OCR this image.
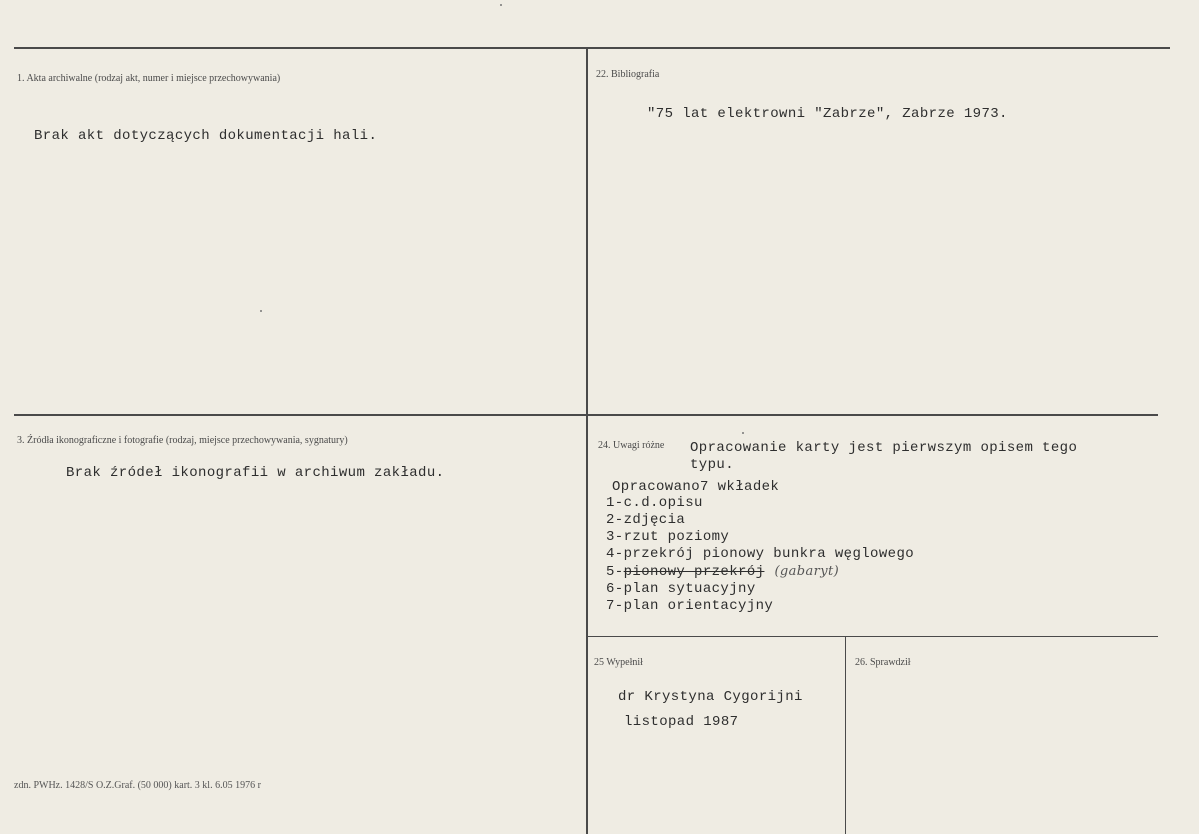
1. Akta archiwalne (rodzaj akt, numer i miejsce przechowywania)
Brak akt dotyczących dokumentacji hali.
22. Bibliografia
"75 lat elektrowni "Zabrze", Zabrze 1973.
3. Źródła ikonograficzne i fotografie (rodzaj, miejsce przechowywania, sygnatury)
Brak źródeł ikonografii w archiwum zakładu.
24. Uwagi różne Opracowanie karty jest pierwszym opisem tego
typu.
Opracowano7 wkładek
1-c.d.opisu
2-zdjęcia
3-rzut poziomy
4-przekrój pionowy bunkra węglowego
5-pionowy przekrój (gabaryt)
6-plan sytuacyjny
7-plan orientacyjny
25 Wypełnił
dr Krystyna Cygorijni
listopad 1987
26. Sprawdził
zdn. PWHz. 1428/S O.Z.Graf. (50 000) kart. 3 kl. 6.05 1976 r
